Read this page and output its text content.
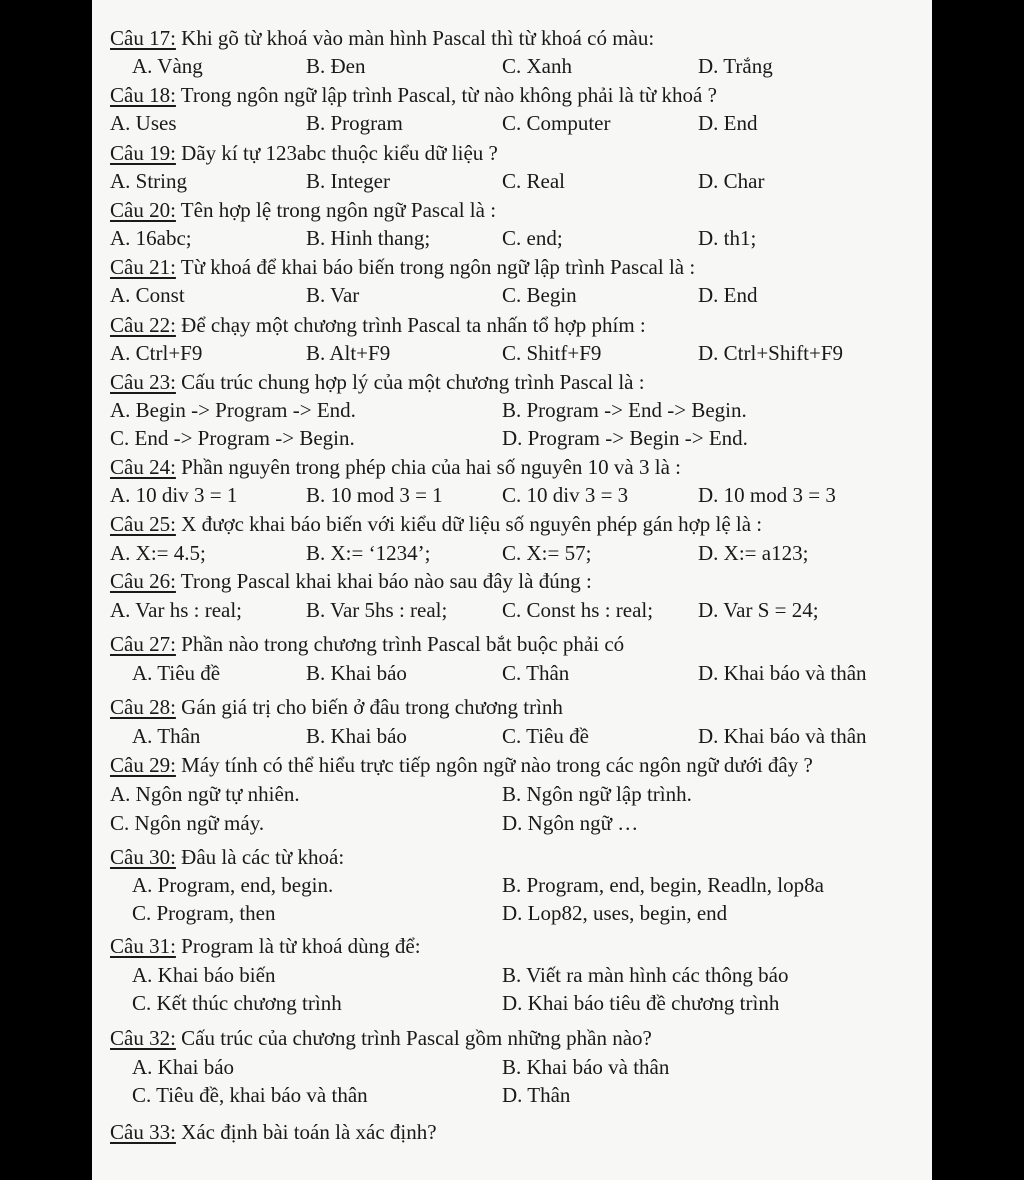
Câu 17: Khi gõ từ khoá vào màn hình Pascal thì từ khoá có màu:
A. Vàng	B. Đen	C. Xanh	D. Trắng
Câu 18: Trong ngôn ngữ lập trình Pascal, từ nào không phải là từ khoá ?
A. Uses	B. Program	C. Computer	D. End
Câu 19: Dãy kí tự 123abc thuộc kiểu dữ liệu ?
A. String	B. Integer	C. Real	D. Char
Câu 20: Tên hợp lệ trong ngôn ngữ Pascal là :
A. 16abc;	B. Hinh thang;	C. end;	D. th1;
Câu 21: Từ khoá để khai báo biến trong ngôn ngữ lập trình Pascal là :
A. Const	B. Var	C. Begin	D. End
Câu 22: Để chạy một chương trình Pascal ta nhấn tổ hợp phím :
A. Ctrl+F9	B. Alt+F9	C. Shitf+F9	D. Ctrl+Shift+F9
Câu 23: Cấu trúc chung hợp lý của một chương trình Pascal là :
A. Begin -> Program -> End.	B. Program -> End -> Begin.
C. End -> Program -> Begin.	D. Program -> Begin -> End.
Câu 24: Phần nguyên trong phép chia của hai số nguyên 10 và 3 là :
A. 10 div 3 = 1	B. 10 mod 3 = 1	C. 10 div 3 = 3	D. 10 mod 3 = 3
Câu 25: X được khai báo biến với kiểu dữ liệu số nguyên phép gán hợp lệ là :
A. X:= 4.5;	B. X:= ‘1234’;	C. X:= 57;	D. X:= a123;
Câu 26: Trong Pascal khai khai báo nào sau đây là đúng :
A. Var hs : real;	B. Var 5hs : real;	C. Const hs : real; D. Var S = 24;
Câu 27: Phần nào trong chương trình Pascal bắt buộc phải có
A. Tiêu đề	B. Khai báo	C. Thân	D. Khai báo và thân
Câu 28: Gán giá trị cho biến ở đâu trong chương trình
A. Thân	B. Khai báo	C. Tiêu đề	D. Khai báo và thân
Câu 29: Máy tính có thể hiểu trực tiếp ngôn ngữ nào trong các ngôn ngữ dưới đây ?
A. Ngôn ngữ tự nhiên.	B. Ngôn ngữ lập trình.
C. Ngôn ngữ máy.	D. Ngôn ngữ …
Câu 30: Đâu là các từ khoá:
A. Program, end, begin.	B. Program, end, begin, Readln, lop8a
C. Program, then	D. Lop82, uses, begin, end
Câu 31: Program là từ khoá dùng để:
A. Khai báo biến	B. Viết ra màn hình các thông báo
C. Kết thúc chương trình	D. Khai báo tiêu đề chương trình
Câu 32: Cấu trúc của chương trình Pascal gồm những phần nào?
A. Khai báo	B. Khai báo và thân
C. Tiêu đề, khai báo và thân	D. Thân
Câu 33: Xác định bài toán là xác định?
